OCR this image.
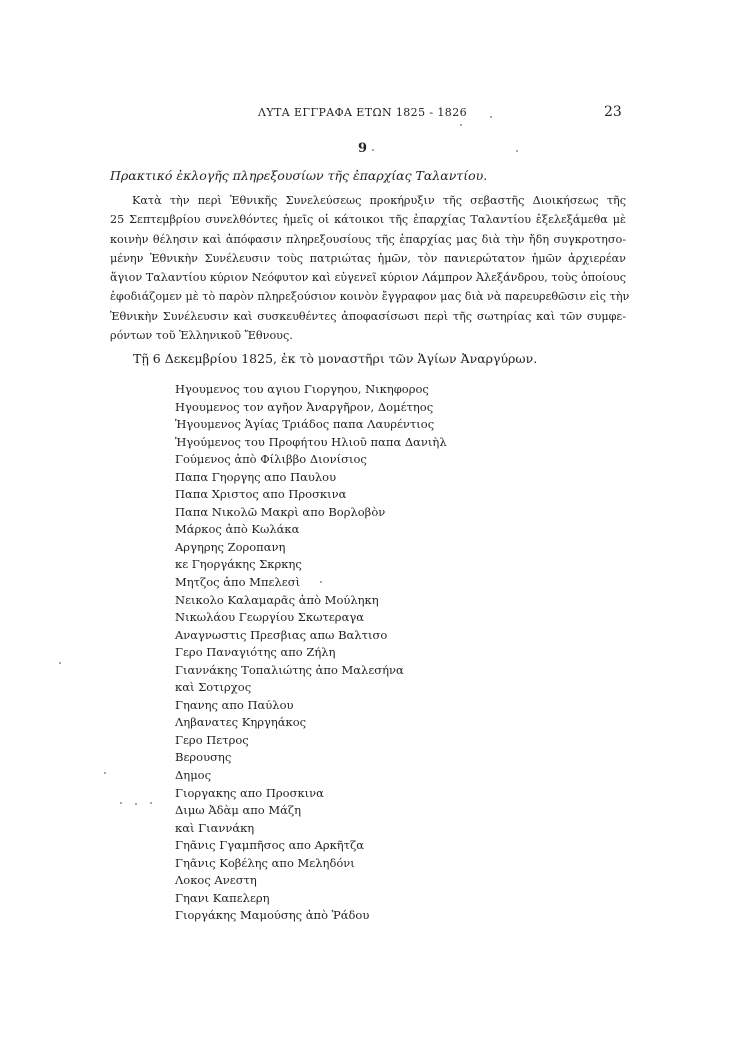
ΛΥΤΑ ΕΓΓΡΑΦΑ ΕΤΩΝ 1825 - 1826	23
9
Πρακτικό ἐκλογῆς πληρεξουσίων τῆς ἐπαρχίας Ταλαντίου.
Κατὰ τὴν περὶ Ἐθνικῆς Συνελεύσεως προκήρυξιν τῆς σεβαστῆς Διοικήσεως τῆς
25 Σεπτεμβρίου συνελθόντες ἡμεῖς οἱ κάτοικοι τῆς ἐπαρχίας Ταλαντίου ἐξελεξάμεθα μὲ
κοινὴν θέλησιν καὶ ἀπόφασιν πληρεξουσίους τῆς ἐπαρχίας μας διὰ τὴν ἤδη συγκροτησο-
μένην Ἐθνικὴν Συνέλευσιν τοὺς πατριώτας ἡμῶν, τὸν πανιερώτατον ἡμῶν ἀρχιερέαν
ἅγιον Ταλαντίου κύριον Νεόφυτον καὶ εὐγενεῖ κύριον Λάμπρον Ἀλεξάνδρου, τοὺς ὁποίους
ἐφοδιάζομεν μὲ τὸ παρὸν πληρεξούσιον κοινὸν ἔγγραφον μας διὰ νὰ παρευρεθῶσιν εἰς τὴν
Ἐθνικὴν Συνέλευσιν καὶ συσκευθέντες ἀποφασίσωσι περὶ τῆς σωτηρίας καὶ τῶν συμφε-
ρόντων τοῦ Ἑλληνικοῦ Ἔθνους.
Τῇ 6 Δεκεμβρίου 1825, ἐκ τὸ μοναστῆρι τῶν Ἁγίων Ἀναργύρων.
Ηγουμενος του αγιου Γιοργηου, Νικηφορος
Ηγουμενος τον αγῆον Ἀναργῆρον, Δομέτηος
Ἡγουμενος Ἁγίας Τριάδος παπα Λαυρέντιος
Ἡγούμενος του Προφήτου Ηλιοῦ παπα Δανιὴλ
Γούμενος ἀπὸ Φίλιββο Διονίσιος
Παπα Γηοργης απο Παυλου
Παπα Χριστος απο Προσκινα
Παπα Νικολῶ Μακρὶ απο Βορλοβὸν
Μάρκος ἀπὸ Κωλάκα
Αργηρης Ζοροπανη
κε Γηοργάκης Σκρκης
Μητζος ἀπο Μπελεσὶ
Νεικολο Καλαμαρᾶς ἀπὸ Μούληκη
Νικωλάου Γεωργίου Σκωτεραγα
Αναγνωστις Πρεσβιας απω Βαλτισο
Γερο Παναγιότης απο Ζήλη
Γιαννάκης Τοπαλιώτης ἀπο Μαλεσήνα
καὶ Σοτιρχος
Γηανης απο Παύλου
Ληβανατες Κηργηάκος
Γερο Πετρος
Βερουσης
Δημος
Γιοργακης απο Προσκινα
Διμω Ἀδὰμ απο Μάζη
καὶ Γιαννάκη
Γηᾶνις Γγαμπῆσος απο Αρκῆτζα
Γηᾶνις Κοβέλης απο Μεληδόνι
Λοκος Ανεστη
Γηανι Καπελερη
Γιοργάκης Μαμούσης ἀπὸ Ῥάδου
